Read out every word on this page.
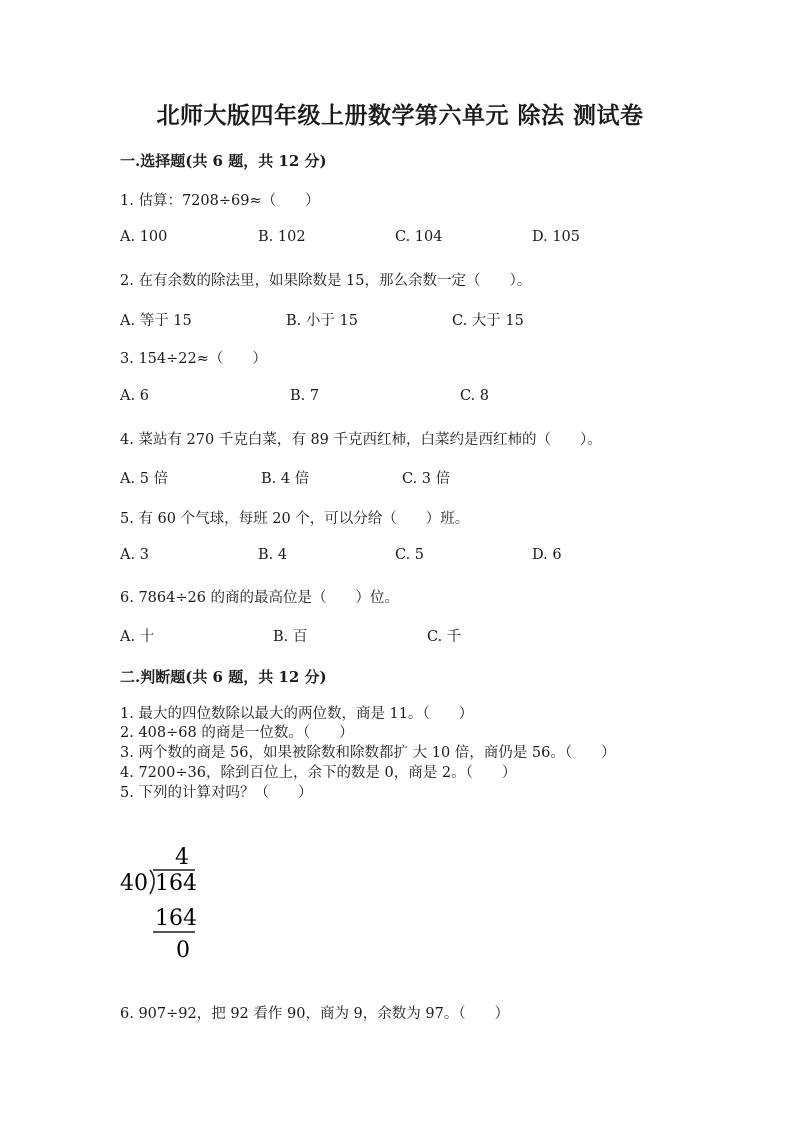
北师大版四年级上册数学第六单元 除法 测试卷
一.选择题(共 6 题，共 12 分)
1. 估算：7208÷69≈（　　）
A. 100	B. 102	C. 104	D. 105
2. 在有余数的除法里，如果除数是 15，那么余数一定（　　）。
A. 等于 15	B. 小于 15	C. 大于 15
3. 154÷22≈（　　）
A. 6	B. 7	C. 8
4. 菜站有 270 千克白菜，有 89 千克西红柿，白菜约是西红柿的（　　）。
A. 5 倍	B. 4 倍	C. 3 倍
5. 有 60 个气球，每班 20 个，可以分给（　　）班。
A. 3	B. 4	C. 5	D. 6
6. 7864÷26 的商的最高位是（　　）位。
A. 十	B. 百	C. 千
二.判断题(共 6 题，共 12 分)
1. 最大的四位数除以最大的两位数，商是 11。（　　）
2. 408÷68 的商是一位数。（　　）
3. 两个数的商是 56，如果被除数和除数都扩 大 10 倍，商仍是 56。（　　）
4. 7200÷36，除到百位上，余下的数是 0，商是 2。（　　）
5. 下列的计算对吗？（　　）
4
40 164
164
0
6. 907÷92，把 92 看作 90，商为 9，余数为 97。（　　）
